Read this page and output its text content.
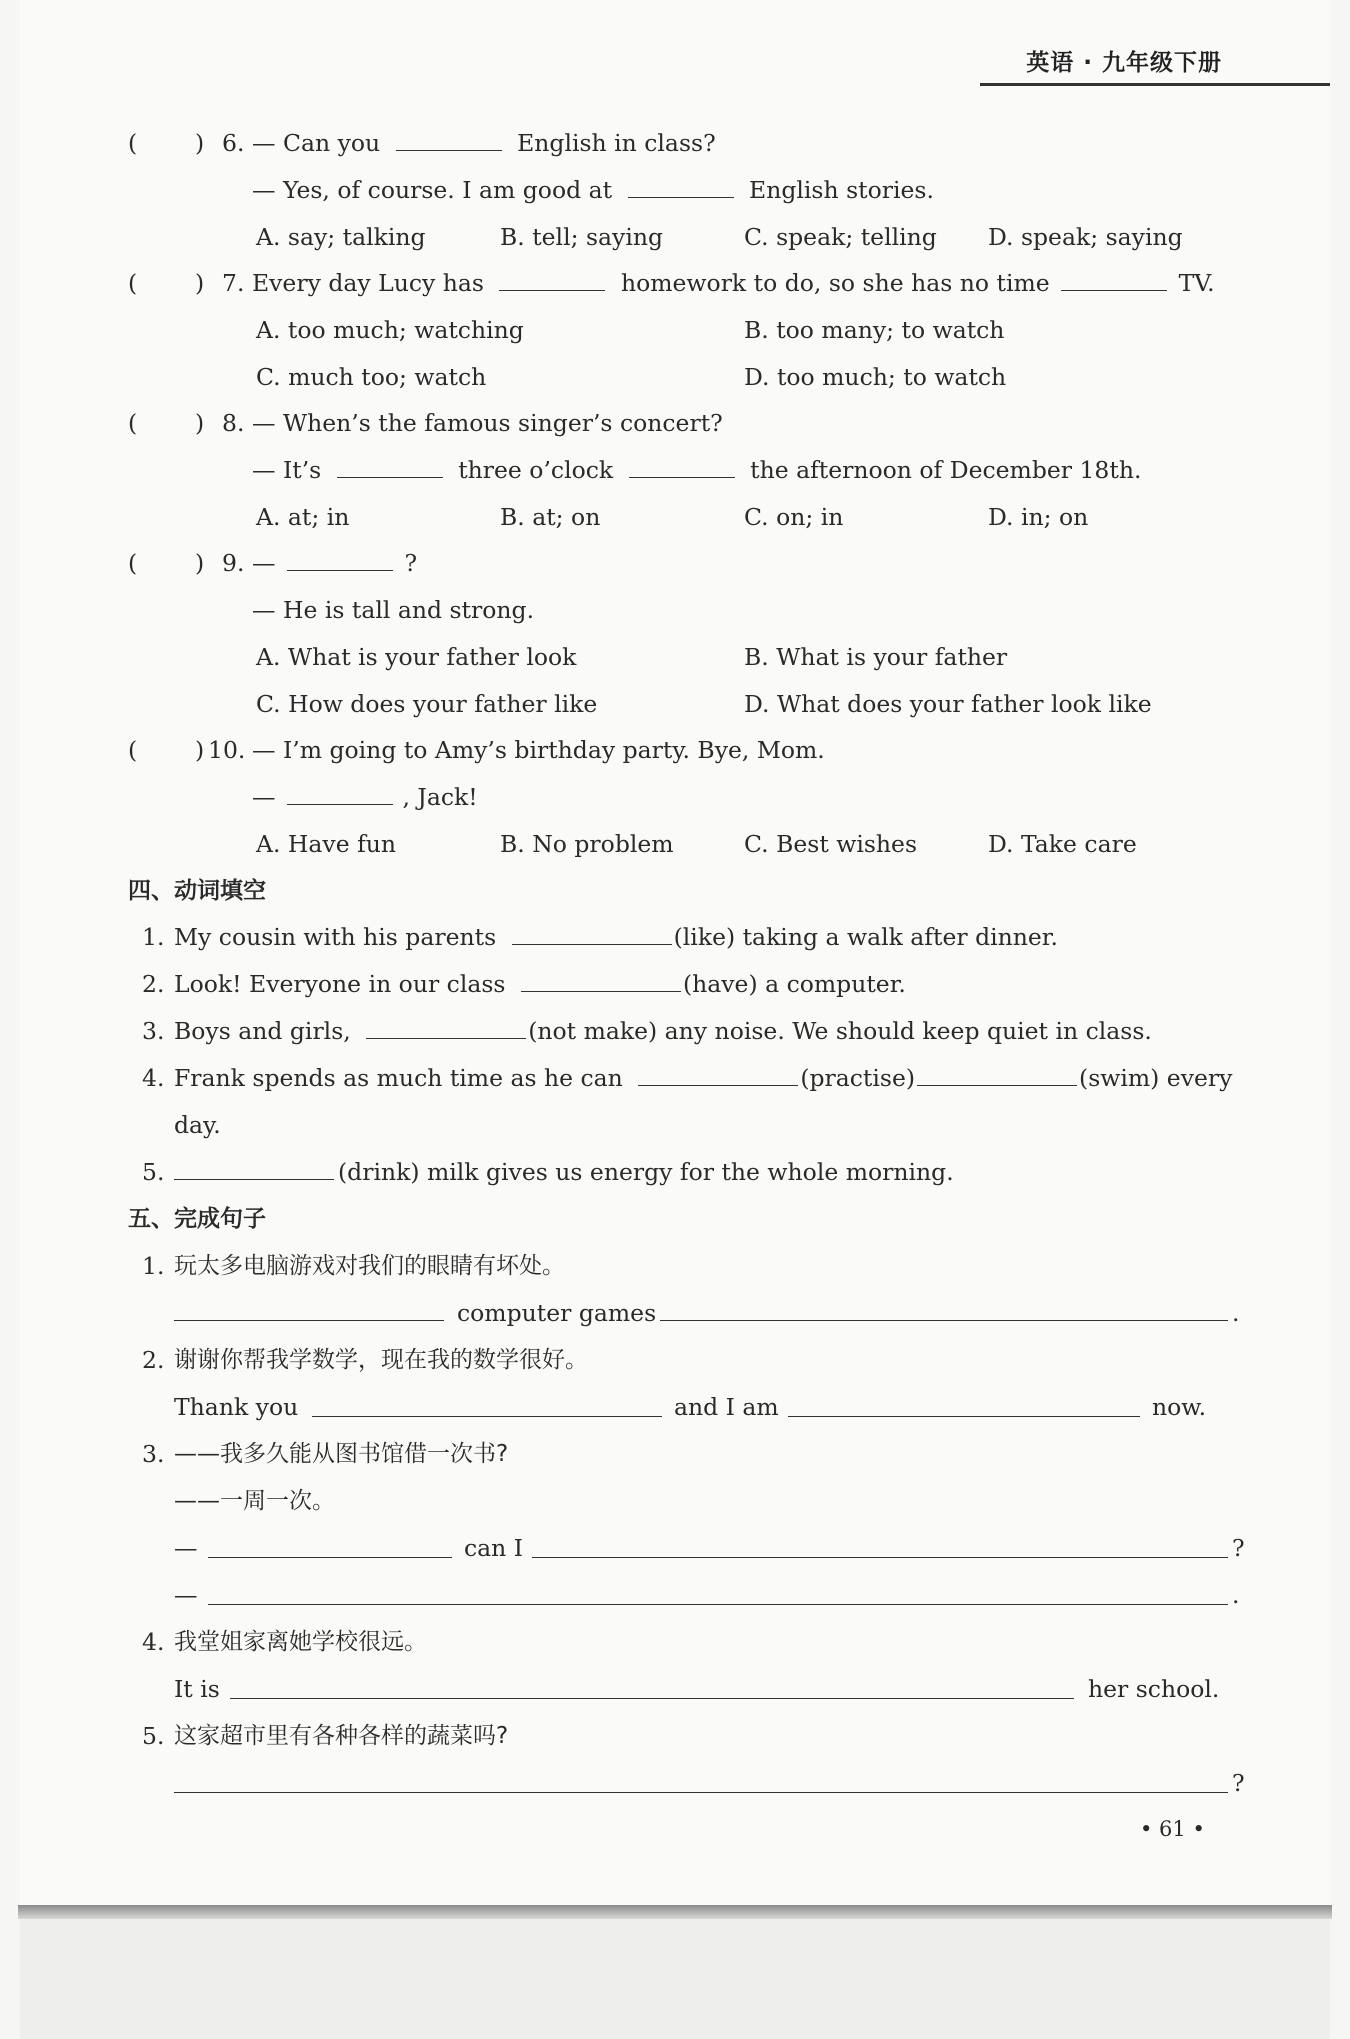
英语 · 九年级下册
( ) 6. — Can you	English in class?
— Yes, of course. I am good at	English stories.
A. say; talking	B. tell; saying	C. speak; telling D. speak; saying
( ) 7. Every day Lucy has	homework to do, so she has no time	TV.
A. too much; watching	B. too many; to watch
C. much too; watch	D. too much; to watch
( ) 8. — When’s the famous singer’s concert?
— It’s	three o’clock	the afternoon of December 18th.
A. at; in	B. at; on	C. on; in	D. in; on
( ) 9. —	?
— He is tall and strong.
A. What is your father look	B. What is your father
C. How does your father like	D. What does your father look like
( ) 10. — I’m going to Amy’s birthday party. Bye, Mom.
—	, Jack!
A. Have fun	B. No problem	C. Best wishes	D. Take care
四、动词填空
1. My cousin with his parents	(like) taking a walk after dinner.
2. Look! Everyone in our class	(have) a computer.
3. Boys and girls,	(not make) any noise. We should keep quiet in class.
4. Frank spends as much time as he can	(practise)	(swim) every
day.
5.	(drink) milk gives us energy for the whole morning.
五、完成句子
1. 玩太多电脑游戏对我们的眼睛有坏处。
computer games	.
2. 谢谢你帮我学数学，现在我的数学很好。
Thank you	and I am	now.
3. ——我多久能从图书馆借一次书?
——一周一次。
—	can I	?
—	.
4. 我堂姐家离她学校很远。
It is	her school.
5. 这家超市里有各种各样的蔬菜吗?
?
• 61 •
